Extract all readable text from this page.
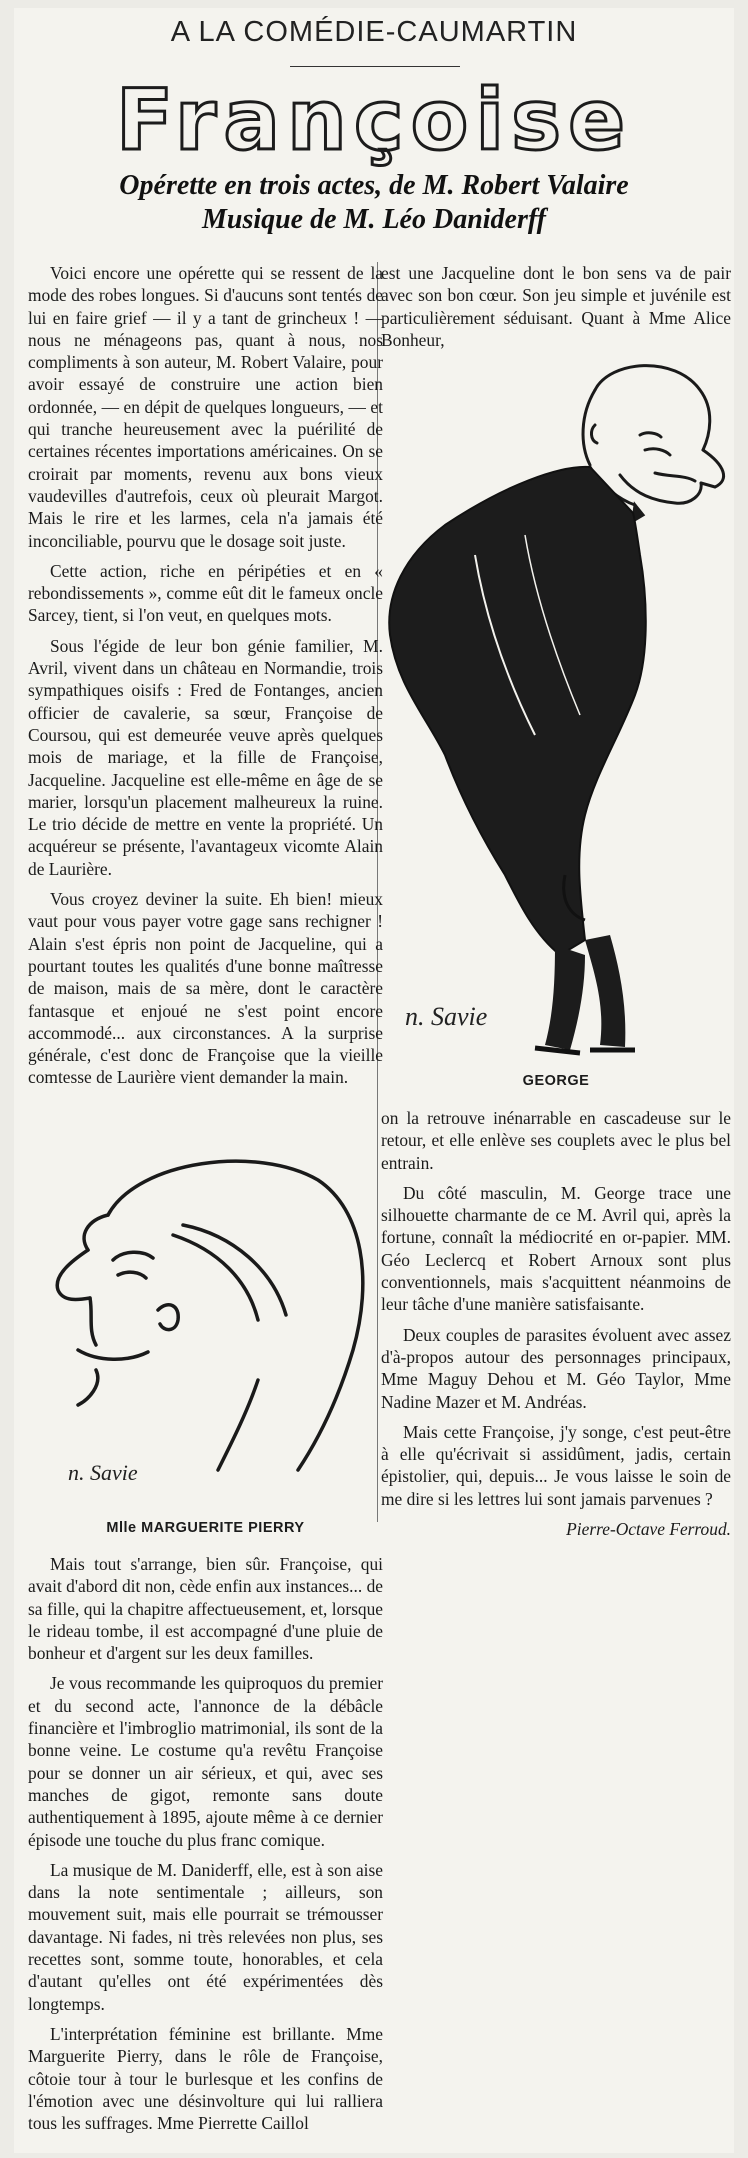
A LA COMÉDIE-CAUMARTIN
Françoise
Opérette en trois actes, de M. Robert Valaire
Musique de M. Léo Daniderff

Voici encore une opérette qui se ressent de la mode des robes longues. Si d'aucuns sont tentés de lui en faire grief — il y a tant de grincheux ! — nous ne ménageons pas, quant à nous, nos compliments à son auteur, M. Robert Valaire, pour avoir essayé de construire une action bien ordonnée, — en dépit de quelques longueurs, — et qui tranche heureusement avec la puérilité de certaines récentes importations américaines. On se croirait par moments, revenu aux bons vieux vaudevilles d'autrefois, ceux où pleurait Margot. Mais le rire et les larmes, cela n'a jamais été inconciliable, pourvu que le dosage soit juste.

Cette action, riche en péripéties et en « rebondissements », comme eût dit le fameux oncle Sarcey, tient, si l'on veut, en quelques mots.

Sous l'égide de leur bon génie familier, M. Avril, vivent dans un château en Normandie, trois sympathiques oisifs : Fred de Fontanges, ancien officier de cavalerie, sa sœur, Françoise de Coursou, qui est demeurée veuve après quelques mois de mariage, et la fille de Françoise, Jacqueline. Jacqueline est elle-même en âge de se marier, lorsqu'un placement malheureux la ruine. Le trio décide de mettre en vente la propriété. Un acquéreur se présente, l'avantageux vicomte Alain de Laurière.

Vous croyez deviner la suite. Eh bien! mieux vaut pour vous payer votre gage sans rechigner ! Alain s'est épris non point de Jacqueline, qui a pourtant toutes les qualités d'une bonne maîtresse de maison, mais de sa mère, dont le caractère fantasque et enjoué ne s'est point encore accommodé... aux circonstances. A la surprise générale, c'est donc de Françoise que la vieille comtesse de Laurière vient demander la main.

est une Jacqueline dont le bon sens va de pair avec son bon cœur. Son jeu simple et juvénile est particulièrement séduisant. Quant à Mme Alice Bonheur,

n. Savie
GEORGE

on la retrouve inénarrable en cascadeuse sur le retour, et elle enlève ses couplets avec le plus bel entrain.

Du côté masculin, M. George trace une silhouette charmante de ce M. Avril qui, après la fortune, connaît la médiocrité en or-papier. MM. Géo Leclercq et Robert Arnoux sont plus conventionnels, mais s'acquittent néanmoins de leur tâche d'une manière satisfaisante.

Deux couples de parasites évoluent avec assez d'à-propos autour des personnages principaux, Mme Maguy Dehou et M. Géo Taylor, Mme Nadine Mazer et M. Andréas.

Mais cette Françoise, j'y songe, c'est peut-être à elle qu'écrivait si assidûment, jadis, certain épistolier, qui, depuis... Je vous laisse le soin de me dire si les lettres lui sont jamais parvenues ?

Pierre-Octave Ferroud.
n. Savie
Mlle MARGUERITE PIERRY

Mais tout s'arrange, bien sûr. Françoise, qui avait d'abord dit non, cède enfin aux instances... de sa fille, qui la chapitre affectueusement, et, lorsque le rideau tombe, il est accompagné d'une pluie de bonheur et d'argent sur les deux familles.

Je vous recommande les quiproquos du premier et du second acte, l'annonce de la débâcle financière et l'imbroglio matrimonial, ils sont de la bonne veine. Le costume qu'a revêtu Françoise pour se donner un air sérieux, et qui, avec ses manches de gigot, remonte sans doute authentiquement à 1895, ajoute même à ce dernier épisode une touche du plus franc comique.

La musique de M. Daniderff, elle, est à son aise dans la note sentimentale ; ailleurs, son mouvement suit, mais elle pourrait se trémousser davantage. Ni fades, ni très relevées non plus, ses recettes sont, somme toute, honorables, et cela d'autant qu'elles ont été expérimentées dès longtemps.

L'interprétation féminine est brillante. Mme Marguerite Pierry, dans le rôle de Françoise, côtoie tour à tour le burlesque et les confins de l'émotion avec une désinvolture qui lui ralliera tous les suffrages. Mme Pierrette Caillol
